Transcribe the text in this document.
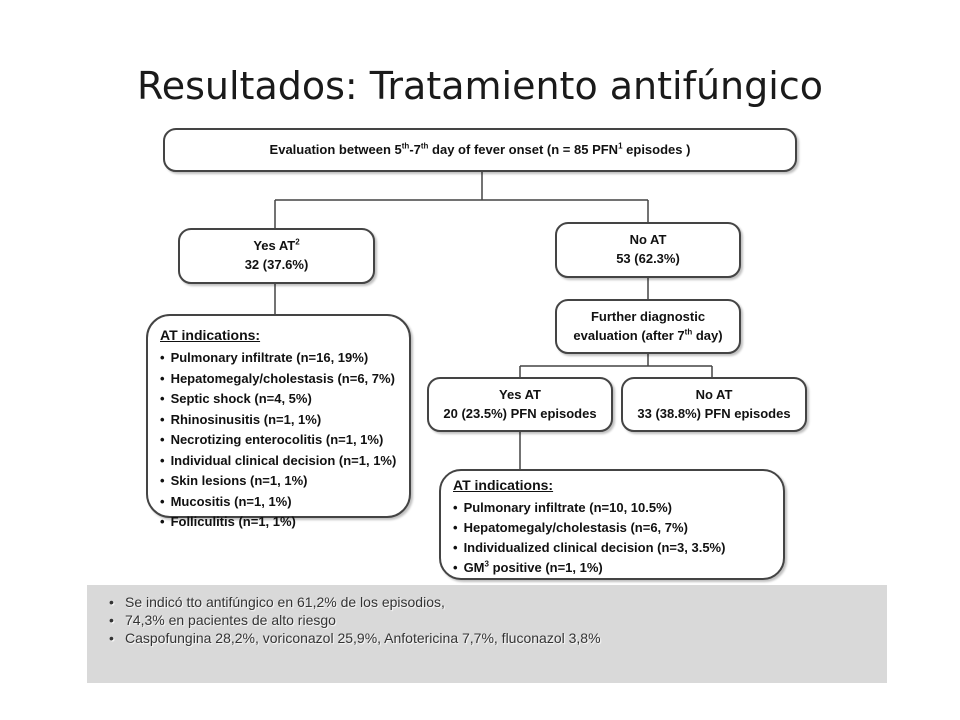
Resultados: Tratamiento antifúngico
Evaluation between 5th-7th day of fever onset (n = 85 PFN$^1$ episodes )
Yes $AT^2$
32 (37.6%)
No AT
53 (62.3%)
AT indications:
• Pulmonary infiltrate (n=16, 19%)
• Hepatomegaly/cholestasis (n=6, 7%)
• Septic shock (n=4, 5%)
• Rhinosinusitis (n=1, 1%)
• Necrotizing enterocolitis (n=1, 1%)
• Individual clinical decision (n=1, 1%)
• Skin lesions (n=1, 1%)
• Mucositis (n=1, 1%)
• Folliculitis (n=1, 1%)
Further diagnostic
evaluation (after 7th day)
Yes AT
20 (23.5%) PFN episodes
No AT
33 (38.8%) PFN episodes
AT indications:
• Pulmonary infiltrate (n=10, 10.5%)
• Hepatomegaly/cholestasis (n=6, 7%)
• Individualized clinical decision (n=3, 3.5%)
• $GM^3$ positive (n=1, 1%)
• Se indicó tto antifúngico en 61,2% de los episodios,
• 74,3% en pacientes de alto riesgo
• Caspofungina 28,2%, voriconazol 25,9%, Anfotericina 7,7%, fluconazol 3,8%
